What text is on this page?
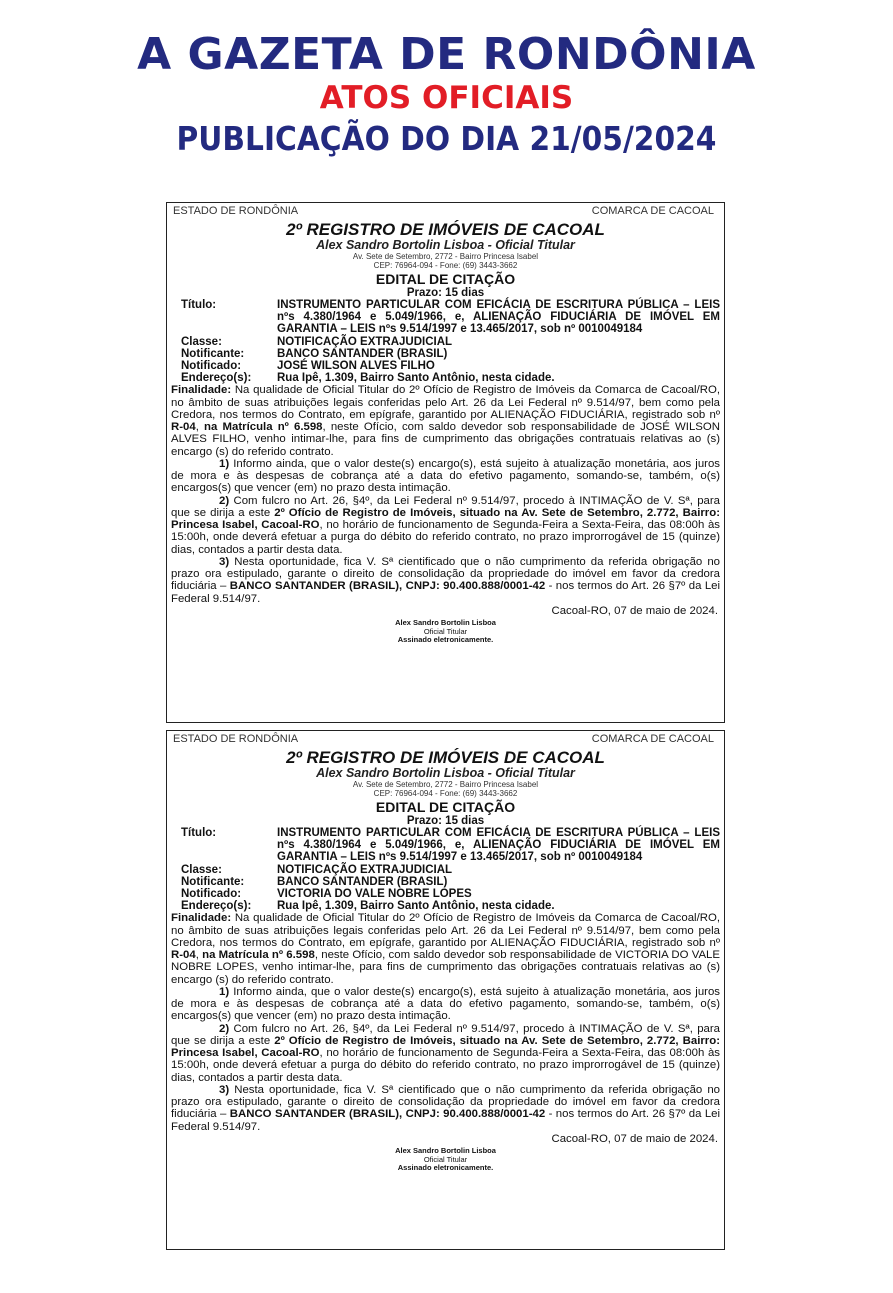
A GAZETA DE RONDÔNIA
ATOS OFICIAIS
PUBLICAÇÃO DO DIA 21/05/2024
ESTADO DE RONDÔNIA	COMARCA DE CACOAL
2º REGISTRO DE IMÓVEIS DE CACOAL
Alex Sandro Bortolin Lisboa - Oficial Titular
Av. Sete de Setembro, 2772 - Bairro Princesa Isabel
CEP: 76964-094 - Fone: (69) 3443-3662
EDITAL DE CITAÇÃO
Prazo: 15 dias
Título:	INSTRUMENTO PARTICULAR COM EFICÁCIA DE ESCRITURA PÚBLICA – LEIS nºs 4.380/1964 e 5.049/1966, e, ALIENAÇÃO FIDUCIÁRIA DE IMÓVEL EM GARANTIA – LEIS nºs 9.514/1997 e 13.465/2017, sob nº 0010049184
Classe:	NOTIFICAÇÃO EXTRAJUDICIAL
Notificante:	BANCO SANTANDER (BRASIL)
Notificado:	JOSÉ WILSON ALVES FILHO
Endereço(s):	Rua Ipê, 1.309, Bairro Santo Antônio, nesta cidade.

Finalidade: Na qualidade de Oficial Titular do 2º Ofício de Registro de Imóveis da Comarca de Cacoal/RO, no âmbito de suas atribuições legais conferidas pelo Art. 26 da Lei Federal nº 9.514/97, bem como pela Credora, nos termos do Contrato, em epígrafe, garantido por ALIENAÇÃO FIDUCIÁRIA, registrado sob nº R-04, na Matrícula nº 6.598, neste Ofício, com saldo devedor sob responsabilidade de JOSÉ WILSON ALVES FILHO, venho intimar-lhe, para fins de cumprimento das obrigações contratuais relativas ao (s) encargo (s) do referido contrato.

1) Informo ainda, que o valor deste(s) encargo(s), está sujeito à atualização monetária, aos juros de mora e às despesas de cobrança até a data do efetivo pagamento, somando-se, também, o(s) encargos(s) que vencer (em) no prazo desta intimação.

2) Com fulcro no Art. 26, §4º, da Lei Federal nº 9.514/97, procedo à INTIMAÇÃO de V. Sª, para que se dirija a este 2º Ofício de Registro de Imóveis, situado na Av. Sete de Setembro, 2.772, Bairro: Princesa Isabel, Cacoal-RO, no horário de funcionamento de Segunda-Feira a Sexta-Feira, das 08:00h às 15:00h, onde deverá efetuar a purga do débito do referido contrato, no prazo improrrogável de 15 (quinze) dias, contados a partir desta data.

3) Nesta oportunidade, fica V. Sª cientificado que o não cumprimento da referida obrigação no prazo ora estipulado, garante o direito de consolidação da propriedade do imóvel em favor da credora fiduciária – BANCO SANTANDER (BRASIL), CNPJ: 90.400.888/0001-42 - nos termos do Art. 26 §7º da Lei Federal 9.514/97.

Cacoal-RO, 07 de maio de 2024.
Alex Sandro Bortolin Lisboa
Oficial Titular
Assinado eletronicamente.
ESTADO DE RONDÔNIA	COMARCA DE CACOAL
2º REGISTRO DE IMÓVEIS DE CACOAL
Alex Sandro Bortolin Lisboa - Oficial Titular
Av. Sete de Setembro, 2772 - Bairro Princesa Isabel
CEP: 76964-094 - Fone: (69) 3443-3662
EDITAL DE CITAÇÃO
Prazo: 15 dias
Título:	INSTRUMENTO PARTICULAR COM EFICÁCIA DE ESCRITURA PÚBLICA – LEIS nºs 4.380/1964 e 5.049/1966, e, ALIENAÇÃO FIDUCIÁRIA DE IMÓVEL EM GARANTIA – LEIS nºs 9.514/1997 e 13.465/2017, sob nº 0010049184
Classe:	NOTIFICAÇÃO EXTRAJUDICIAL
Notificante:	BANCO SANTANDER (BRASIL)
Notificado:	VICTORIA DO VALE NOBRE LOPES
Endereço(s):	Rua Ipê, 1.309, Bairro Santo Antônio, nesta cidade.

Finalidade: Na qualidade de Oficial Titular do 2º Ofício de Registro de Imóveis da Comarca de Cacoal/RO, no âmbito de suas atribuições legais conferidas pelo Art. 26 da Lei Federal nº 9.514/97, bem como pela Credora, nos termos do Contrato, em epígrafe, garantido por ALIENAÇÃO FIDUCIÁRIA, registrado sob nº R-04, na Matrícula nº 6.598, neste Ofício, com saldo devedor sob responsabilidade de VICTORIA DO VALE NOBRE LOPES, venho intimar-lhe, para fins de cumprimento das obrigações contratuais relativas ao (s) encargo (s) do referido contrato.

1) Informo ainda, que o valor deste(s) encargo(s), está sujeito à atualização monetária, aos juros de mora e às despesas de cobrança até a data do efetivo pagamento, somando-se, também, o(s) encargos(s) que vencer (em) no prazo desta intimação.

2) Com fulcro no Art. 26, §4º, da Lei Federal nº 9.514/97, procedo à INTIMAÇÃO de V. Sª, para que se dirija a este 2º Ofício de Registro de Imóveis, situado na Av. Sete de Setembro, 2.772, Bairro: Princesa Isabel, Cacoal-RO, no horário de funcionamento de Segunda-Feira a Sexta-Feira, das 08:00h às 15:00h, onde deverá efetuar a purga do débito do referido contrato, no prazo improrrogável de 15 (quinze) dias, contados a partir desta data.

3) Nesta oportunidade, fica V. Sª cientificado que o não cumprimento da referida obrigação no prazo ora estipulado, garante o direito de consolidação da propriedade do imóvel em favor da credora fiduciária – BANCO SANTANDER (BRASIL), CNPJ: 90.400.888/0001-42 - nos termos do Art. 26 §7º da Lei Federal 9.514/97.

Cacoal-RO, 07 de maio de 2024.
Alex Sandro Bortolin Lisboa
Oficial Titular
Assinado eletronicamente.
